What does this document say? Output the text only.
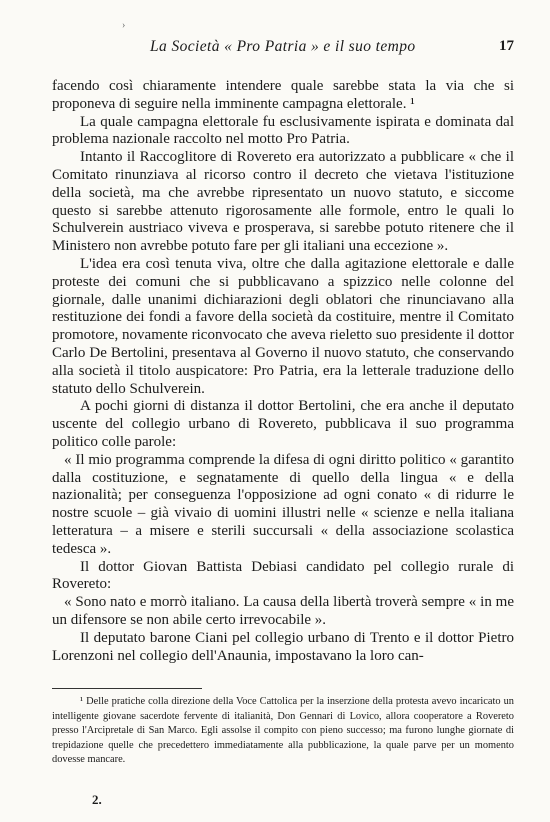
›
La Società « Pro Patria » e il suo tempo	17

facendo così chiaramente intendere quale sarebbe stata la via che si proponeva di seguire nella imminente campagna elettorale. ¹

La quale campagna elettorale fu esclusivamente ispirata e dominata dal problema nazionale raccolto nel motto Pro Patria.

Intanto il Raccoglitore di Rovereto era autorizzato a pubblicare « che il Comitato rinunziava al ricorso contro il decreto che vietava l'istituzione della società, ma che avrebbe ripresentato un nuovo statuto, e siccome questo si sarebbe attenuto rigorosamente alle formole, entro le quali lo Schulverein austriaco viveva e prosperava, si sarebbe potuto ritenere che il Ministero non avrebbe potuto fare per gli italiani una eccezione ».

L'idea era così tenuta viva, oltre che dalla agitazione elettorale e dalle proteste dei comuni che si pubblicavano a spizzico nelle colonne del giornale, dalle unanimi dichiarazioni degli oblatori che rinunciavano alla restituzione dei fondi a favore della società da costituire, mentre il Comitato promotore, novamente riconvocato che aveva rieletto suo presidente il dottor Carlo De Bertolini, presentava al Governo il nuovo statuto, che conservando alla società il titolo auspicatore: Pro Patria, era la letterale traduzione dello statuto dello Schulverein.

A pochi giorni di distanza il dottor Bertolini, che era anche il deputato uscente del collegio urbano di Rovereto, pubblicava il suo programma politico colle parole:

« Il mio programma comprende la difesa di ogni diritto politico « garantito dalla costituzione, e segnatamente di quello della lingua « e della nazionalità; per conseguenza l'opposizione ad ogni conato « di ridurre le nostre scuole – già vivaio di uomini illustri nelle « scienze e nella italiana letteratura – a misere e sterili succursali « della associazione scolastica tedesca ».

Il dottor Giovan Battista Debiasi candidato pel collegio rurale di Rovereto:

« Sono nato e morrò italiano. La causa della libertà troverà sempre « in me un difensore se non abile certo irrevocabile ».

Il deputato barone Ciani pel collegio urbano di Trento e il dottor Pietro Lorenzoni nel collegio dell'Anaunia, impostavano la loro can-

¹ Delle pratiche colla direzione della Voce Cattolica per la inserzione della protesta avevo incaricato un intelligente giovane sacerdote fervente di italianità, Don Gennari di Lovico, allora cooperatore a Rovereto presso l'Arcipretale di San Marco. Egli assolse il compito con pieno successo; ma furono lunghe giornate di trepidazione quelle che precedettero immediatamente alla pubblicazione, la quale parve per un momento dovesse mancare.

2.
